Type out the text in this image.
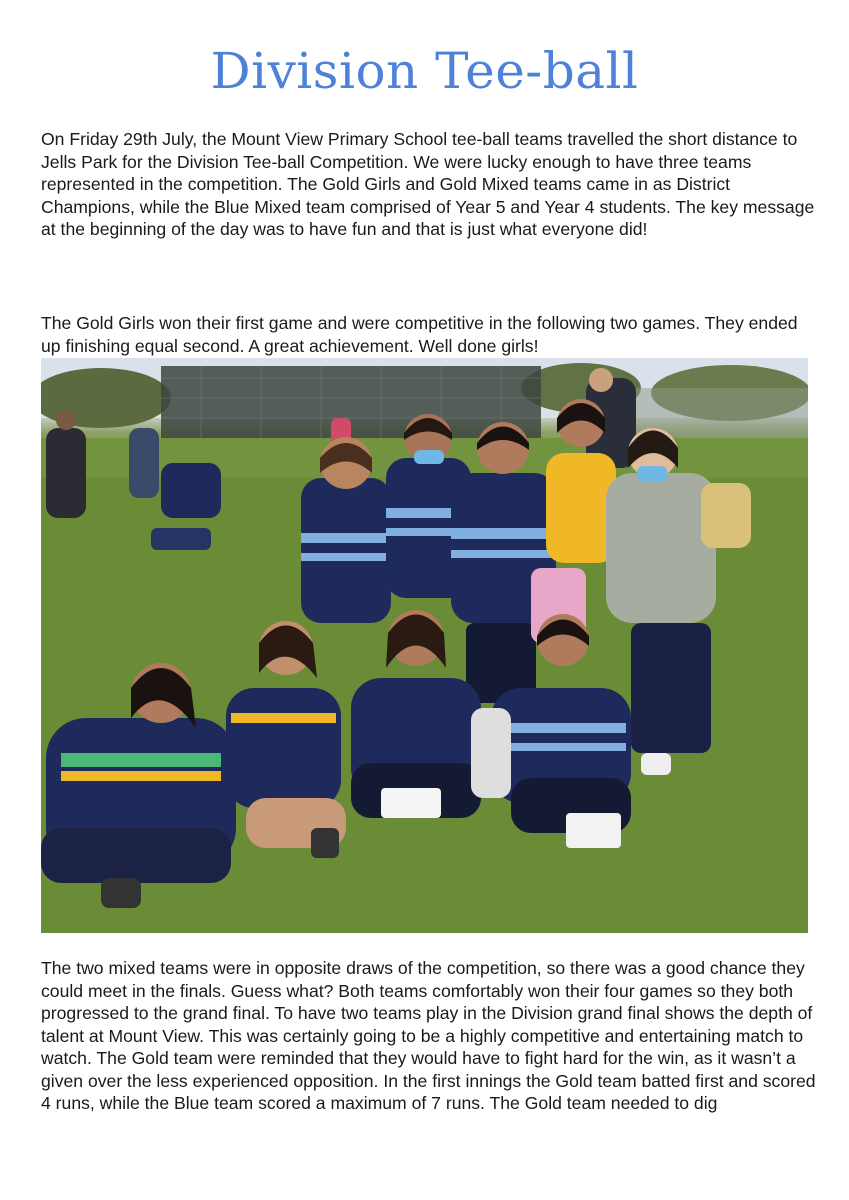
Division Tee-ball

On Friday 29th July, the Mount View Primary School tee-ball teams travelled the short distance to Jells Park for the Division Tee-ball Competition. We were lucky enough to have three teams represented in the competition. The Gold Girls and Gold Mixed teams came in as District Champions, while the Blue Mixed team comprised of Year 5 and Year 4 students. The key message at the beginning of the day was to have fun and that is just what everyone did!

The Gold Girls won their first game and were competitive in the following two games. They ended up finishing equal second. A great achievement. Well done girls!

The two mixed teams were in opposite draws of the competition, so there was a good chance they could meet in the finals. Guess what? Both teams comfortably won their four games so they both progressed to the grand final. To have two teams play in the Division grand final shows the depth of talent at Mount View. This was certainly going to be a highly competitive and entertaining match to watch. The Gold team were reminded that they would have to fight hard for the win, as it wasn’t a given over the less experienced opposition. In the first innings the Gold team batted first and scored 4 runs, while the Blue team scored a maximum of 7 runs. The Gold team needed to dig
